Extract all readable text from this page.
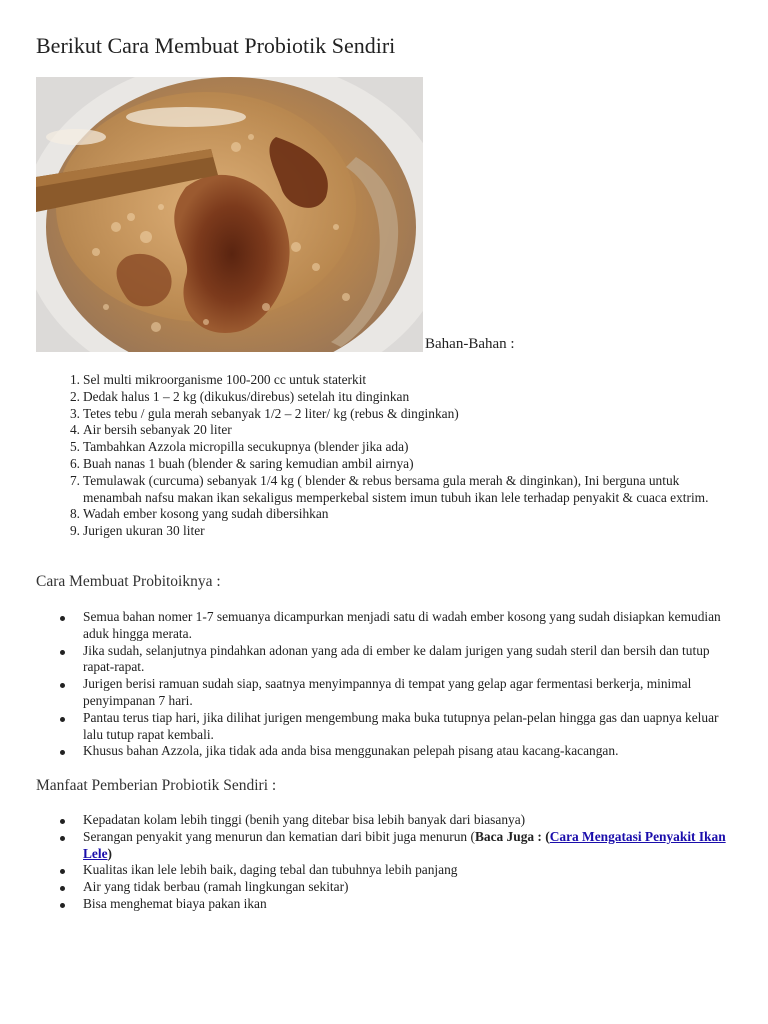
Berikut Cara Membuat Probiotik Sendiri
Bahan-Bahan :
1. Sel multi mikroorganisme 100-200 cc untuk staterkit
2. Dedak halus 1 – 2 kg (dikukus/direbus) setelah itu dinginkan
3. Tetes tebu / gula merah sebanyak 1/2 – 2 liter/ kg (rebus & dinginkan)
4. Air bersih sebanyak 20 liter
5. Tambahkan Azzola micropilla secukupnya (blender jika ada)
6. Buah nanas 1 buah (blender & saring kemudian ambil airnya)
7. Temulawak (curcuma) sebanyak 1/4 kg ( blender & rebus bersama gula merah & dinginkan), Ini berguna untuk menambah nafsu makan ikan sekaligus memperkebal sistem imun tubuh ikan lele terhadap penyakit & cuaca extrim.
8. Wadah ember kosong yang sudah dibersihkan
9. Jurigen ukuran 30 liter
Cara Membuat Probitoiknya :
Semua bahan nomer 1-7 semuanya dicampurkan menjadi satu di wadah ember kosong yang sudah disiapkan kemudian aduk hingga merata.
Jika sudah, selanjutnya pindahkan adonan yang ada di ember ke dalam jurigen yang sudah steril dan bersih dan tutup rapat-rapat.
Jurigen berisi ramuan sudah siap, saatnya menyimpannya di tempat yang gelap agar fermentasi berkerja, minimal penyimpanan 7 hari.
Pantau terus tiap hari, jika dilihat jurigen mengembung maka buka tutupnya pelan-pelan hingga gas dan uapnya keluar lalu tutup rapat kembali.
Khusus bahan Azzola, jika tidak ada anda bisa menggunakan pelepah pisang atau kacang-kacangan.
Manfaat Pemberian Probiotik Sendiri :
Kepadatan kolam lebih tinggi (benih yang ditebar bisa lebih banyak dari biasanya)
Serangan penyakit yang menurun dan kematian dari bibit juga menurun (Baca Juga : (Cara Mengatasi Penyakit Ikan Lele)
Kualitas ikan lele lebih baik, daging tebal dan tubuhnya lebih panjang
Air yang tidak berbau (ramah lingkungan sekitar)
Bisa menghemat biaya pakan ikan
